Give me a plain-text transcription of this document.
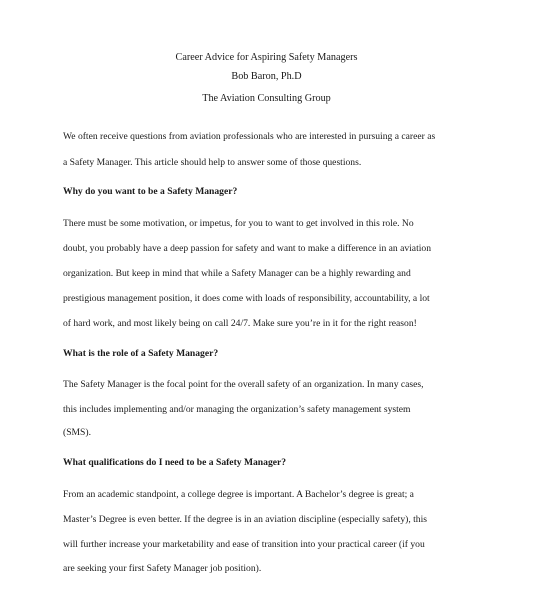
Career Advice for Aspiring Safety Managers
Bob Baron, Ph.D
The Aviation Consulting Group
We often receive questions from aviation professionals who are interested in pursuing a career as
a Safety Manager. This article should help to answer some of those questions.
Why do you want to be a Safety Manager?
There must be some motivation, or impetus, for you to want to get involved in this role. No
doubt, you probably have a deep passion for safety and want to make a difference in an aviation
organization. But keep in mind that while a Safety Manager can be a highly rewarding and
prestigious management position, it does come with loads of responsibility, accountability, a lot
of hard work, and most likely being on call 24/7. Make sure you’re in it for the right reason!
What is the role of a Safety Manager?
The Safety Manager is the focal point for the overall safety of an organization. In many cases,
this includes implementing and/or managing the organization’s safety management system
(SMS).
What qualifications do I need to be a Safety Manager?
From an academic standpoint, a college degree is important. A Bachelor’s degree is great; a
Master’s Degree is even better. If the degree is in an aviation discipline (especially safety), this
will further increase your marketability and ease of transition into your practical career (if you
are seeking your first Safety Manager job position).
